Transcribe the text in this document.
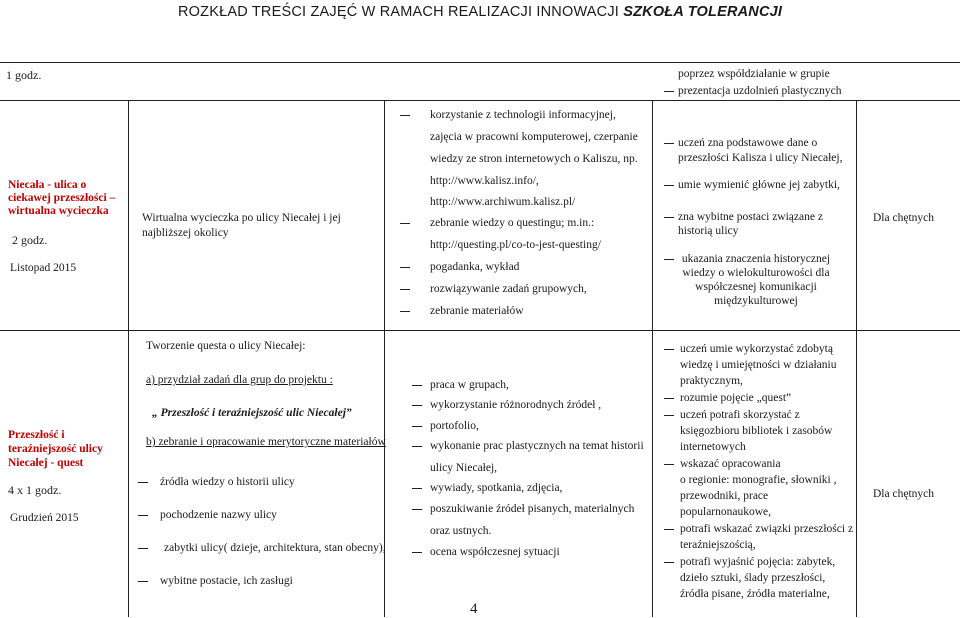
ROZKŁAD TREŚCI ZAJĘĆ W RAMACH REALIZACJI INNOWACJI SZKOŁA TOLERANCJI
1 godz.	poprzez współdziałanie w grupie
prezentacja uzdolnień plastycznych
Niecała - ulica o
ciekawej przeszłości –
wirtualna wycieczka
2 godz.
Listopad 2015
Wirtualna wycieczka po ulicy Niecałej i jej
najbliższej okolicy
korzystanie z technologii informacyjnej,
zajęcia w pracowni komputerowej, czerpanie
wiedzy ze stron internetowych o Kaliszu, np.
http://www.kalisz.info/,
http://www.archiwum.kalisz.pl/
zebranie wiedzy o questingu; m.in.:
http://questing.pl/co-to-jest-questing/
pogadanka, wykład
rozwiązywanie zadań grupowych,
zebranie materiałów
uczeń zna podstawowe dane o
przeszłości Kalisza i ulicy Niecałej,
umie wymienić główne jej zabytki,
zna wybitne postaci związane z
historią ulicy
ukazania znaczenia historycznej
wiedzy o wielokulturowości dla
współczesnej komunikacji
międzykulturowej
Dla chętnych
Przeszłość i
teraźniejszość ulicy
Niecałej - quest
4 x 1 godz.
Grudzień 2015
Tworzenie questa o ulicy Niecałej:
a) przydział zadań dla grup do projektu :
„ Przeszłość i teraźniejszość ulic Niecałej”
b) zebranie i opracowanie merytoryczne materiałów
źródła wiedzy o historii ulicy
pochodzenie nazwy ulicy
zabytki ulicy( dzieje, architektura, stan obecny),
wybitne postacie, ich zasługi
praca w grupach,
wykorzystanie różnorodnych źródeł ,
portofolio,
wykonanie prac plastycznych na temat historii
ulicy Niecałej,
wywiady, spotkania, zdjęcia,
poszukiwanie źródeł pisanych, materialnych
oraz ustnych.
ocena współczesnej sytuacji
uczeń umie wykorzystać zdobytą
wiedzę i umiejętności w działaniu
praktycznym,
rozumie pojęcie „quest”
uczeń potrafi skorzystać z
księgozbioru bibliotek i zasobów
internetowych
wskazać opracowania
o regionie: monografie, słowniki ,
przewodniki, prace
popularnonaukowe,
potrafi wskazać związki przeszłości z
teraźniejszością,
potrafi wyjaśnić pojęcia: zabytek,
dzieło sztuki, ślady przeszłości,
źródła pisane, źródła materialne,
Dla chętnych
4
